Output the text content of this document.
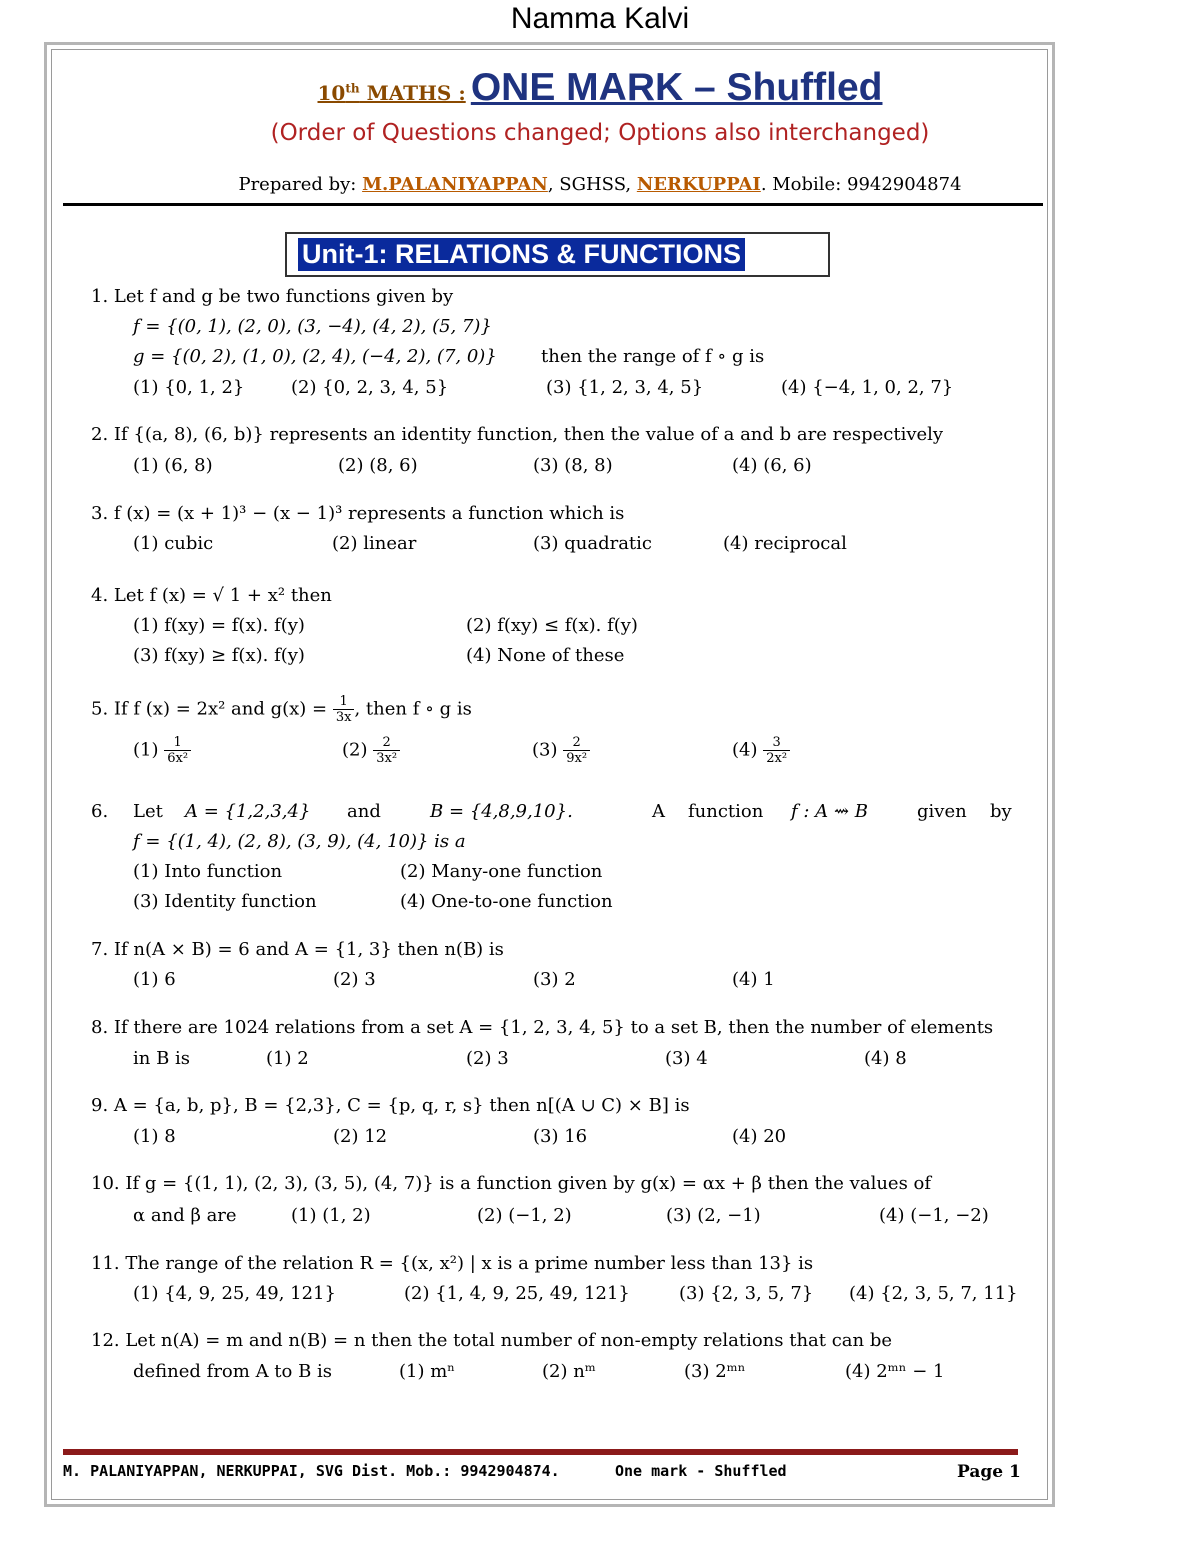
Namma Kalvi
10th MATHS : ONE MARK – Shuffled
(Order of Questions changed; Options also interchanged)
Prepared by: M.PALANIYAPPAN, SGHSS, NERKUPPAI. Mobile: 9942904874
Unit-1: RELATIONS & FUNCTIONS
1. Let f and g be two functions given by
f = {(0, 1), (2, 0), (3, −4), (4, 2), (5, 7)}
g = {(0, 2), (1, 0), (2, 4), (−4, 2), (7, 0)} then the range of f ∘ g is
(1) {0, 1, 2}	(2) {0, 2, 3, 4, 5}	(3) {1, 2, 3, 4, 5}	(4) {−4, 1, 0, 2, 7}
2. If {(a, 8), (6, b)} represents an identity function, then the value of a and b are respectively
(1) (6, 8)	(2) (8, 6)	(3) (8, 8)	(4) (6, 6)
3. f (x) = (x + 1)³ − (x − 1)³ represents a function which is
(1) cubic	(2) linear	(3) quadratic	(4) reciprocal
4. Let f (x) = √ 1 + x² then
(1) f(xy) = f(x). f(y)	(2) f(xy) ≤ f(x). f(y)
(3) f(xy) ≥ f(x). f(y)	(4) None of these
5. If f (x) = 2x² and $g(x) = \frac{1}{3x}$ , then f ∘ g is
$(1) \frac{1}{\text{6x²}}$	$(2) \frac{2}{\text{3x²}}$	$(3) \frac{2}{\text{9x²}}$	$(4) \frac{3}{\text{2x²}}$
6. Let A = {1,2,3,4} and	B = {4,8,9,10}.	A function f : A ⇝ B	given by
f = {(1, 4), (2, 8), (3, 9), (4, 10)} is a
(1) Into function	(2) Many-one function
(3) Identity function	(4) One-to-one function
7. If n(A × B) = 6 and A = {1, 3} then n(B) is
(1) 6	(2) 3	(3) 2	(4) 1
8. If there are 1024 relations from a set A = {1, 2, 3, 4, 5} to a set B, then the number of elements
in B is	(1) 2	(2) 3	(3) 4	(4) 8
9. A = {a, b, p}, B = {2,3}, C = {p, q, r, s} then n[(A ∪ C) × B] is
(1) 8	(2) 12	(3) 16	(4) 20
10. If g = {(1, 1), (2, 3), (3, 5), (4, 7)} is a function given by g(x) = αx + β then the values of
α and β are	(1) (1, 2)	(2) (−1, 2)	(3) (2, −1)	(4) (−1, −2)
11. The range of the relation R = {(x, x²) | x is a prime number less than 13} is
(1) {4, 9, 25, 49, 121}	(2) {1, 4, 9, 25, 49, 121}	(3) {2, 3, 5, 7} (4) {2, 3, 5, 7, 11}
12. Let n(A) = m and n(B) = n then the total number of non-empty relations that can be
defined from A to B is	(1) mⁿ	(2) nᵐ	(3) 2ᵐⁿ	(4) 2ᵐⁿ − 1
M. PALANIYAPPAN, NERKUPPAI, SVG Dist. Mob.: 9942904874.	One mark - Shuffled	Page 1
